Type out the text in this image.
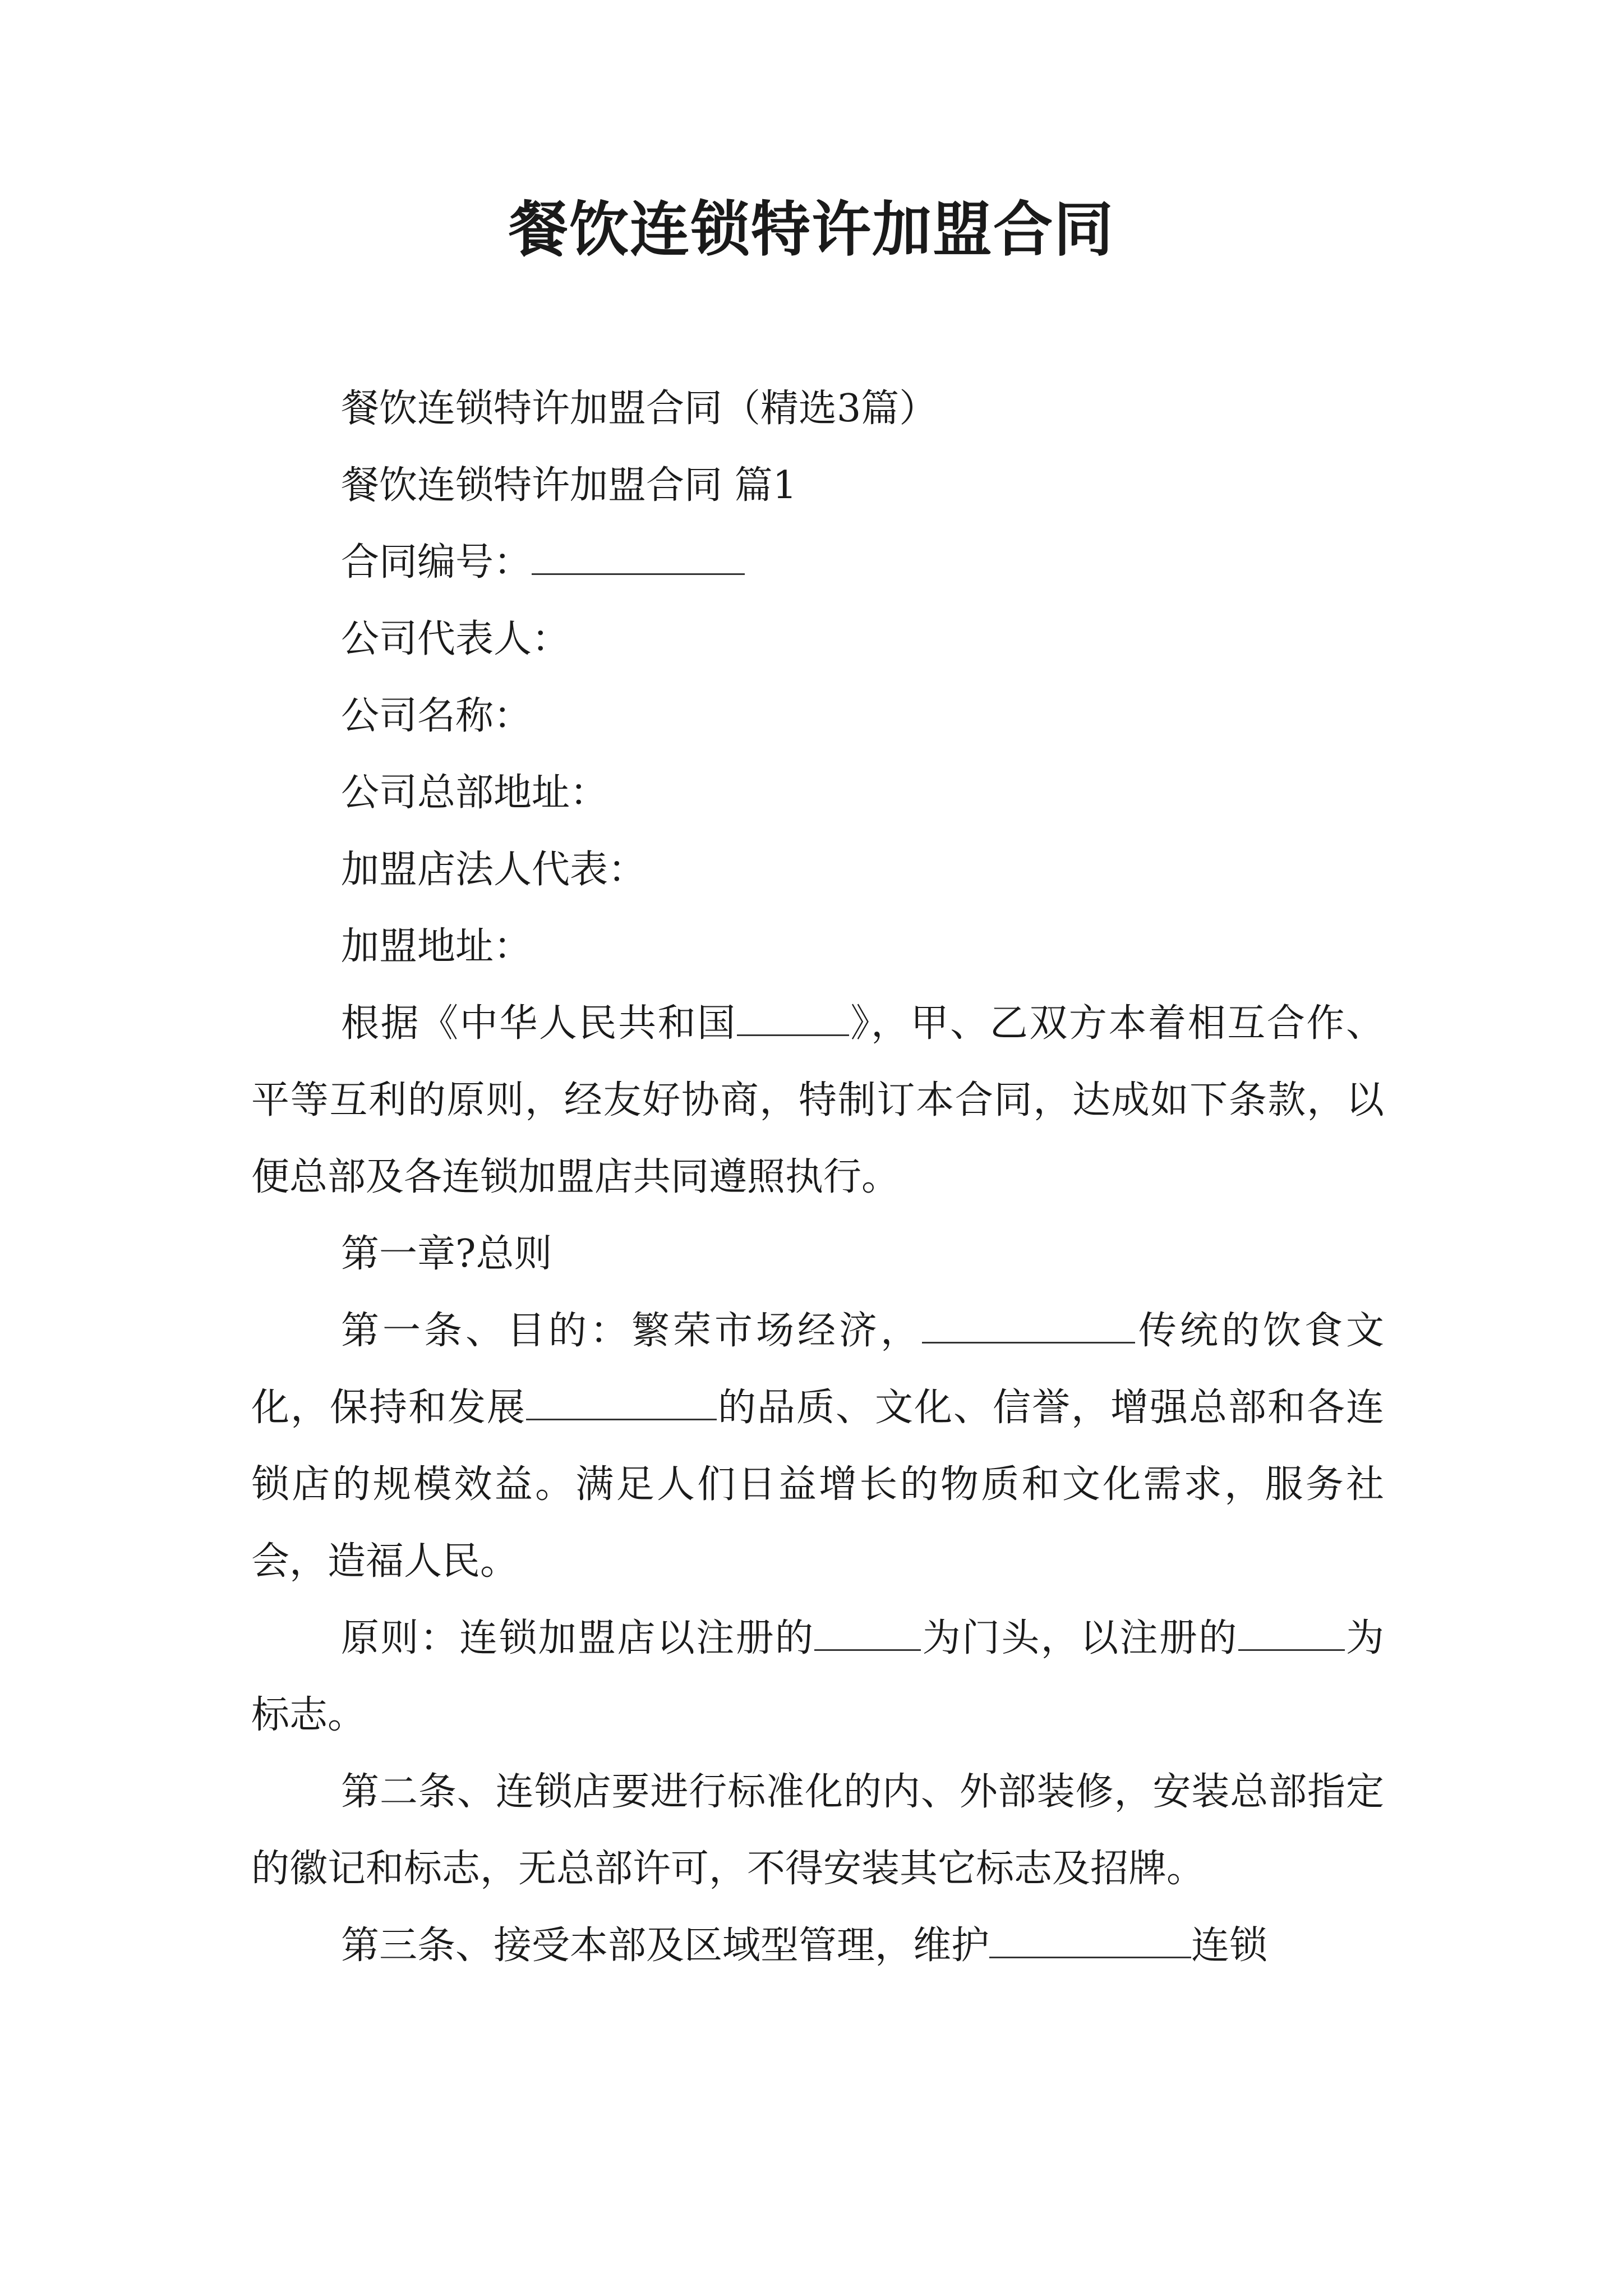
餐饮连锁特许加盟合同

餐饮连锁特许加盟合同（精选3篇）

餐饮连锁特许加盟合同 篇1

合同编号：

公司代表人：

公司名称：

公司总部地址：

加盟店法人代表：

加盟地址：

根据《中华人民共和国	》，甲、乙双方本着相互合作、平等互利的原则，经友好协商，特制订本合同，达成如下条款，以便总部及各连锁加盟店共同遵照执行。

第一章?总则

第一条、目的：繁荣市场经济，	传统的饮食文化，保持和发展	的品质、文化、信誉，增强总部和各连锁店的规模效益。满足人们日益增长的物质和文化需求，服务社会，造福人民。

原则：连锁加盟店以注册的	为门头，以注册的	为标志。

第二条、连锁店要进行标准化的内、外部装修，安装总部指定的徽记和标志，无总部许可，不得安装其它标志及招牌。

第三条、接受本部及区域型管理，维护	连锁
